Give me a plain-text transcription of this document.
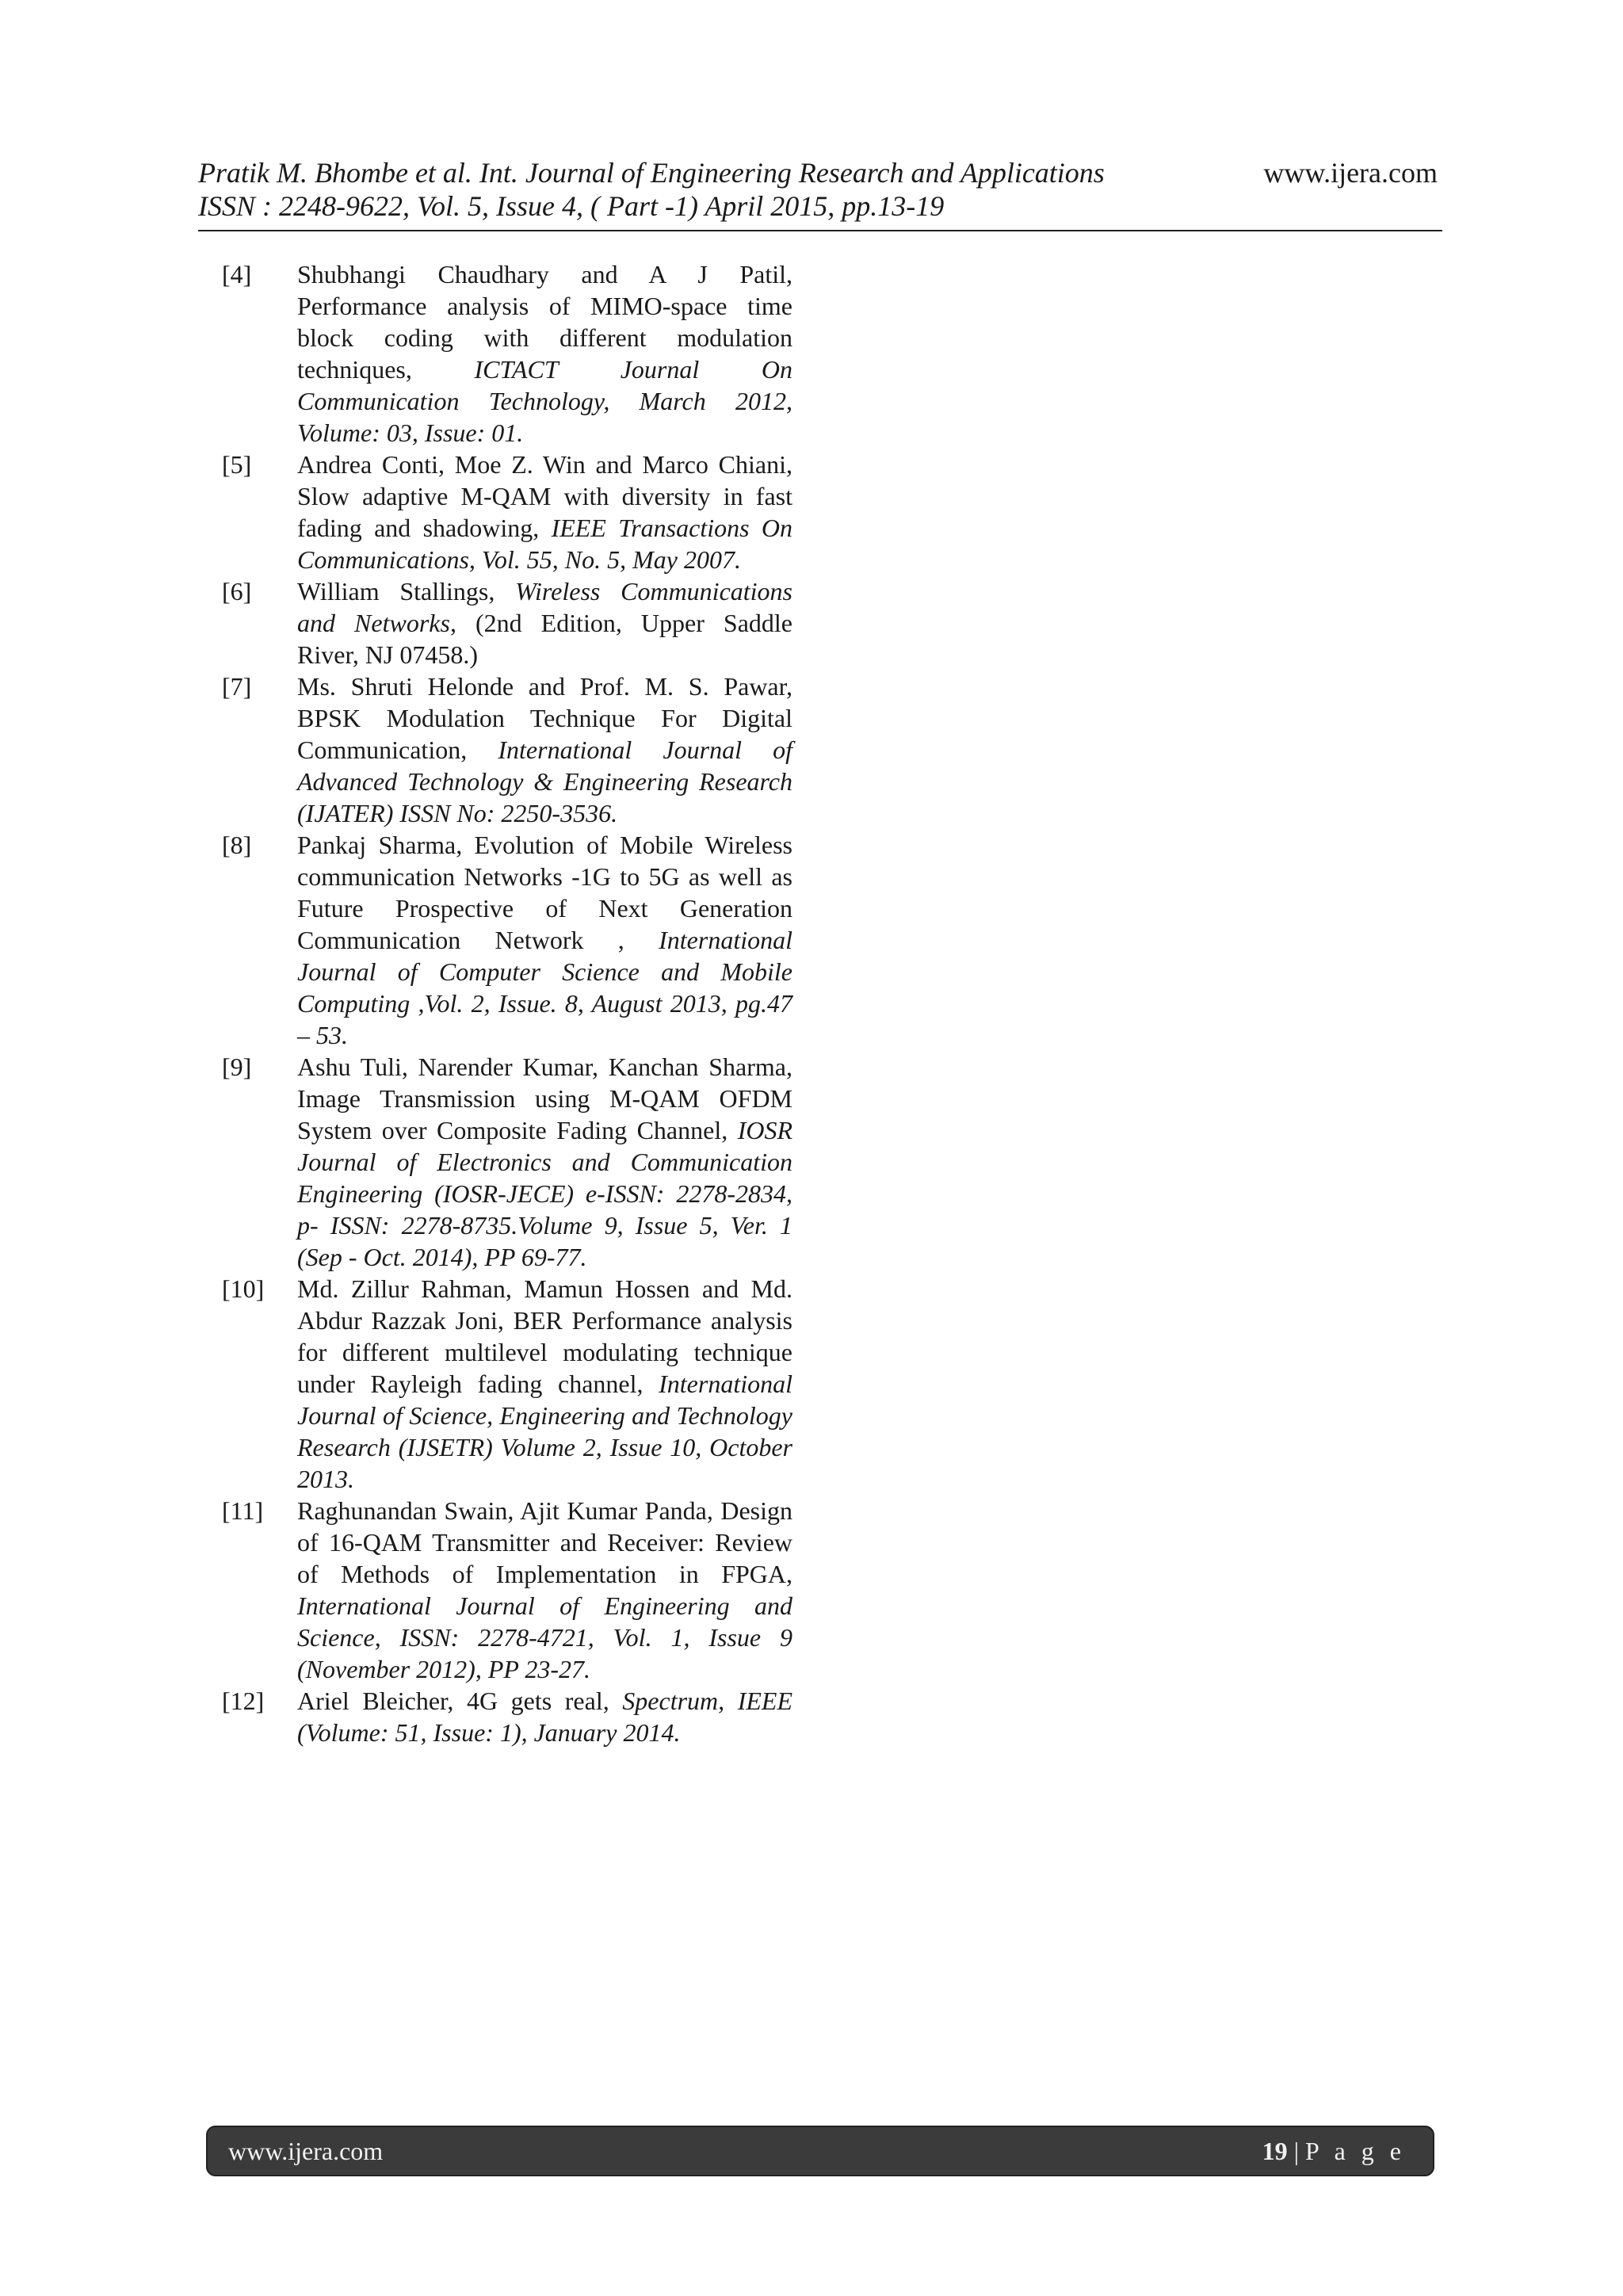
Pratik M. Bhombe et al. Int. Journal of Engineering Research and Applications	www.ijera.com
ISSN : 2248-9622, Vol. 5, Issue 4, ( Part -1) April 2015, pp.13-19
[4]	Shubhangi Chaudhary and A J Patil, Performance analysis of MIMO-space time block coding with different modulation techniques, ICTACT Journal On Communication Technology, March 2012, Volume: 03, Issue: 01.
[5]	Andrea Conti, Moe Z. Win and Marco Chiani, Slow adaptive M-QAM with diversity in fast fading and shadowing, IEEE Transactions On Communications, Vol. 55, No. 5, May 2007.
[6]	William Stallings, Wireless Communications and Networks, (2nd Edition, Upper Saddle River, NJ 07458.)
[7]	Ms. Shruti Helonde and Prof. M. S. Pawar, BPSK Modulation Technique For Digital Communication, International Journal of Advanced Technology & Engineering Research (IJATER) ISSN No: 2250-3536.
[8]	Pankaj Sharma, Evolution of Mobile Wireless communication Networks -1G to 5G as well as Future Prospective of Next Generation Communication Network , International Journal of Computer Science and Mobile Computing ,Vol. 2, Issue. 8, August 2013, pg.47 – 53.
[9]	Ashu Tuli, Narender Kumar, Kanchan Sharma, Image Transmission using M-QAM OFDM System over Composite Fading Channel, IOSR Journal of Electronics and Communication Engineering (IOSR-JECE) e-ISSN: 2278-2834, p- ISSN: 2278-8735.Volume 9, Issue 5, Ver. 1 (Sep - Oct. 2014), PP 69-77.
[10]	Md. Zillur Rahman, Mamun Hossen and Md. Abdur Razzak Joni, BER Performance analysis for different multilevel modulating technique under Rayleigh fading channel, International Journal of Science, Engineering and Technology Research (IJSETR) Volume 2, Issue 10, October 2013.
[11]	Raghunandan Swain, Ajit Kumar Panda, Design of 16-QAM Transmitter and Receiver: Review of Methods of Implementation in FPGA, International Journal of Engineering and Science, ISSN: 2278-4721, Vol. 1, Issue 9 (November 2012), PP 23-27.
[12]	Ariel Bleicher, 4G gets real, Spectrum, IEEE (Volume: 51, Issue: 1), January 2014.
www.ijera.com	19 | P a g e
